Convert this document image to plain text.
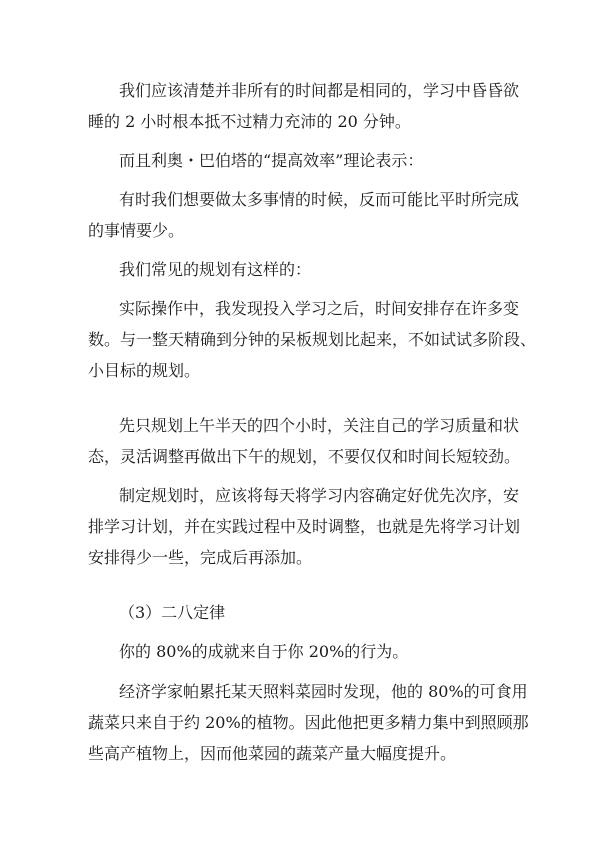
我们应该清楚并非所有的时间都是相同的，学习中昏昏欲
睡的 2 小时根本抵不过精力充沛的 20 分钟。
而且利奥・巴伯塔的“提高效率”理论表示：
有时我们想要做太多事情的时候，反而可能比平时所完成
的事情要少。
我们常见的规划有这样的：
实际操作中，我发现投入学习之后，时间安排存在许多变
数。与一整天精确到分钟的呆板规划比起来，不如试试多阶段、
小目标的规划。
先只规划上午半天的四个小时，关注自己的学习质量和状
态，灵活调整再做出下午的规划，不要仅仅和时间长短较劲。
制定规划时，应该将每天将学习内容确定好优先次序，安
排学习计划，并在实践过程中及时调整，也就是先将学习计划
安排得少一些，完成后再添加。
（3）二八定律
你的 80%的成就来自于你 20%的行为。
经济学家帕累托某天照料菜园时发现，他的 80%的可食用
蔬菜只来自于约 20%的植物。因此他把更多精力集中到照顾那
些高产植物上，因而他菜园的蔬菜产量大幅度提升。
